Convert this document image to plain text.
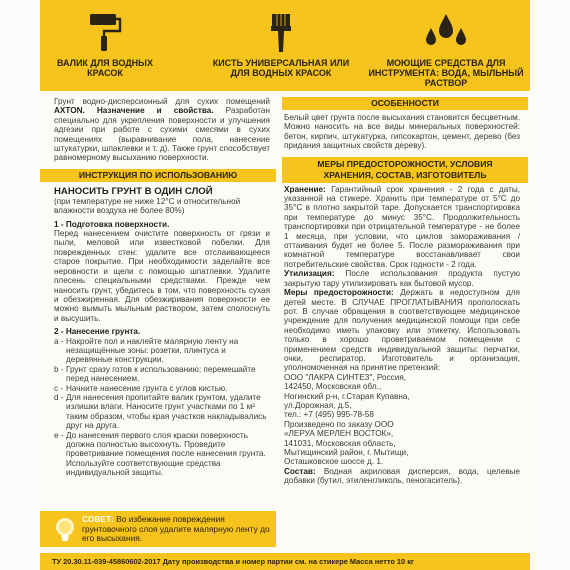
ВАЛИК ДЛЯ ВОДНЫХ КРАСОК
КИСТЬ УНИВЕРСАЛЬНАЯ ИЛИ ДЛЯ ВОДНЫХ КРАСОК
МОЮЩИЕ СРЕДСТВА ДЛЯ ИНСТРУМЕНТА: ВОДА, МЫЛЬНЫЙ РАСТВОР
Грунт водно-дисперсионный для сухих помещений AXTON. Назначение и свойства. Разработан специально для укрепления поверхности и улучшения адгезии при работе с сухими смесями в сухих помещениях (выравнивание пола, нанесение штукатурки, шпаклевки и т. д). Также грунт способствует равномерному высыханию поверхности.
ИНСТРУКЦИЯ ПО ИСПОЛЬЗОВАНИЮ
НАНОСИТЬ ГРУНТ В ОДИН СЛОЙ
(при температуре не ниже 12°С и относительной влажности воздуха не более 80%)
1 - Подготовка поверхности.
Перед нанесением очистите поверхность от грязи и пыли, меловой или известковой побелки. Для поврежденных стен: удалите все отслаивающееся старое покрытие. При необходимости заделайте все неровности и щели с помощью шпатлевки. Удалите плесень специальными средствами. Прежде чем наносить грунт, убедитесь в том, что поверхность сухая и обезжиренная. Для обезжиривания поверхности ее можно вымыть мыльным раствором, затем сполоснуть и высушить.
2 - Нанесение грунта.
a - Накройте пол и наклейте малярную ленту на незащищённые зоны: розетки, плинтуса и деревянные конструкции.
b - Грунт сразу готов к использованию; перемешайте перед нанесением.
c - Начните нанесение грунта с углов кистью.
d - Для нанесения пропитайте валик грунтом, удалите излишки влаги. Наносите грунт участками по 1 м² таким образом, чтобы края участков накладывались друг на друга.
e - До нанесения первого слоя краски поверхность должна полностью высохнуть. Проведите проветривание помещения после нанесения грунта. Используйте соответствующие средства индивидуальной защиты.
СОВЕТ: Во избежание повреждения грунтовочного слоя удалите малярную ленту до его высыхания.
ОСОБЕННОСТИ
Белый цвет грунта после высыхания становится бесцветным. Можно наносить на все виды минеральных поверхностей: бетон, кирпич, штукатурка, гипсокартон, цемент, дерево (без придания защитных свойств дереву).
МЕРЫ ПРЕДОСТОРОЖНОСТИ, УСЛОВИЯ
ХРАНЕНИЯ, СОСТАВ, ИЗГОТОВИТЕЛЬ
Хранение: Гарантийный срок хранения - 2 года с даты, указанной на стикере. Хранить при температуре от 5°С до 35°С в плотно закрытой таре. Допускается транспортировка при температуре до минус 35°С. Продолжительность транспортировки при отрицательной температуре - не более 1 месяца, при условии, что циклов замораживания / оттаивания будет не более 5. После размораживания при комнатной температуре восстанавливает свои потребительские свойства. Срок годности - 2 года.
Утилизация: После использования продукта пустую закрытую тару утилизировать как бытовой мусор.
Меры предосторожности: Держать в недоступном для детей месте. В СЛУЧАЕ ПРОГЛАТЫВАНИЯ прополоскать рот. В случае обращения в соответствующее медицинское учреждение для получения медицинской помощи при себе необходимо иметь упаковку или этикетку. Использовать только в хорошо проветриваемом помещении с применением средств индивидуальной защиты: перчатки, очки, респиратор. Изготовитель и организация, уполномоченная на принятие претензий:
ООО "ЛАКРА СИНТЕЗ", Россия,
142450, Московская обл.,
Ногинский р-н, г.Старая Купавна,
ул.Дорожная, д.5,
тел.: +7 (495) 995-78-58
Произведено по заказу ООО
«ЛЕРУА МЕРЛЕН ВОСТОК»,
141031, Московская область,
Мытищинский район, г. Мытищи,
Осташковское шоссе д. 1.
Состав: Водная акриловая дисперсия, вода, целевые добавки (бутил, этиленгликоль, пеногаситель).
ТУ 20.30.11-039-45860602-2017 Дату производства и номер партии см. на стикере Масса нетто 10 кг
